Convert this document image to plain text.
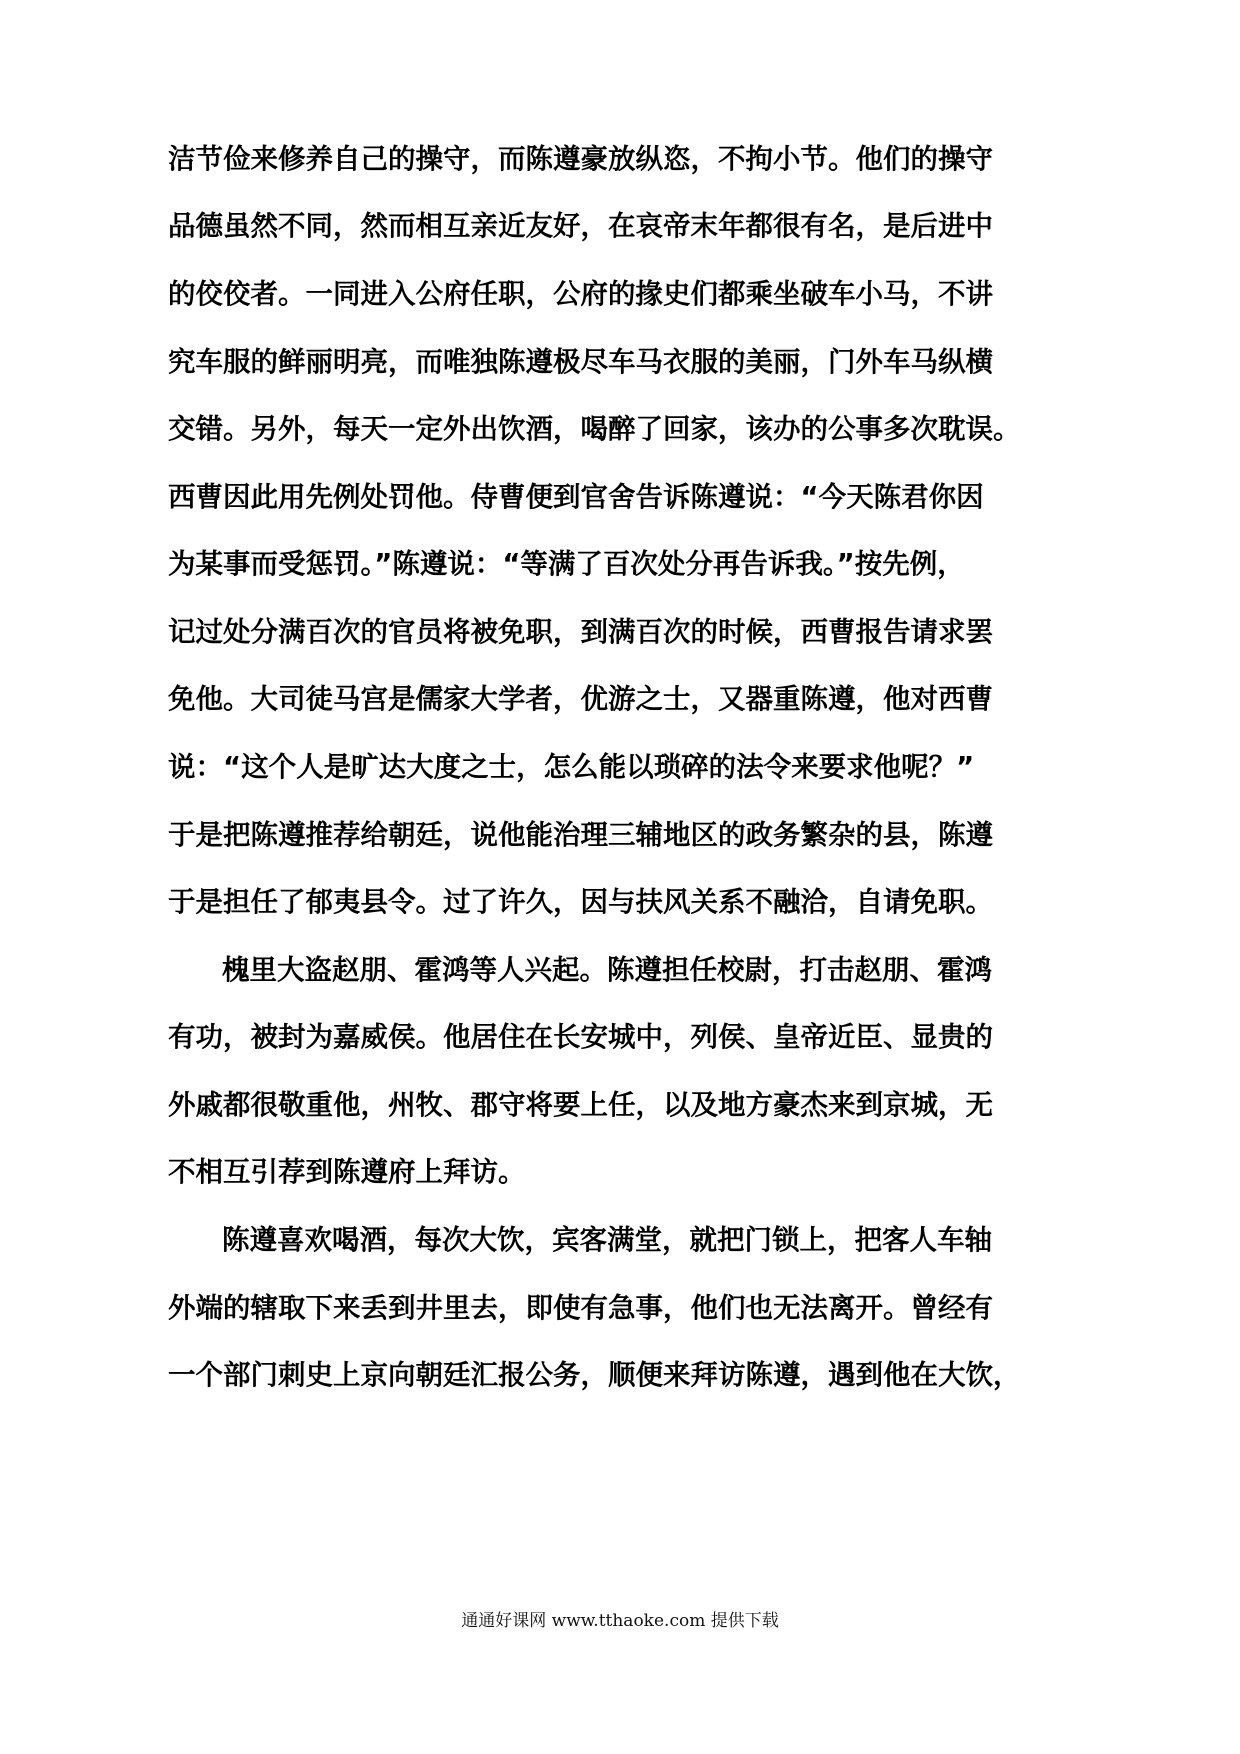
洁节俭来修养自己的操守，而陈遵豪放纵恣，不拘小节。他们的操守
品德虽然不同，然而相互亲近友好，在哀帝末年都很有名，是后进中
的佼佼者。一同进入公府任职，公府的掾史们都乘坐破车小马，不讲
究车服的鲜丽明亮，而唯独陈遵极尽车马衣服的美丽，门外车马纵横
交错。另外，每天一定外出饮酒，喝醉了回家，该办的公事多次耽误。
西曹因此用先例处罚他。侍曹便到官舍告诉陈遵说：“今天陈君你因
为某事而受惩罚。”陈遵说：“等满了百次处分再告诉我。”按先例，
记过处分满百次的官员将被免职，到满百次的时候，西曹报告请求罢
免他。大司徒马宫是儒家大学者，优游之士，又器重陈遵，他对西曹
说：“这个人是旷达大度之士，怎么能以琐碎的法令来要求他呢？”
于是把陈遵推荐给朝廷，说他能治理三辅地区的政务繁杂的县，陈遵
于是担任了郁夷县令。过了许久，因与扶风关系不融洽，自请免职。
槐里大盗赵朋、霍鸿等人兴起。陈遵担任校尉，打击赵朋、霍鸿
有功，被封为嘉威侯。他居住在长安城中，列侯、皇帝近臣、显贵的
外戚都很敬重他，州牧、郡守将要上任，以及地方豪杰来到京城，无
不相互引荐到陈遵府上拜访。
陈遵喜欢喝酒，每次大饮，宾客满堂，就把门锁上，把客人车轴
外端的辖取下来丢到井里去，即使有急事，他们也无法离开。曾经有
一个部门刺史上京向朝廷汇报公务，顺便来拜访陈遵，遇到他在大饮，
通通好课网 www.tthaoke.com 提供下载
